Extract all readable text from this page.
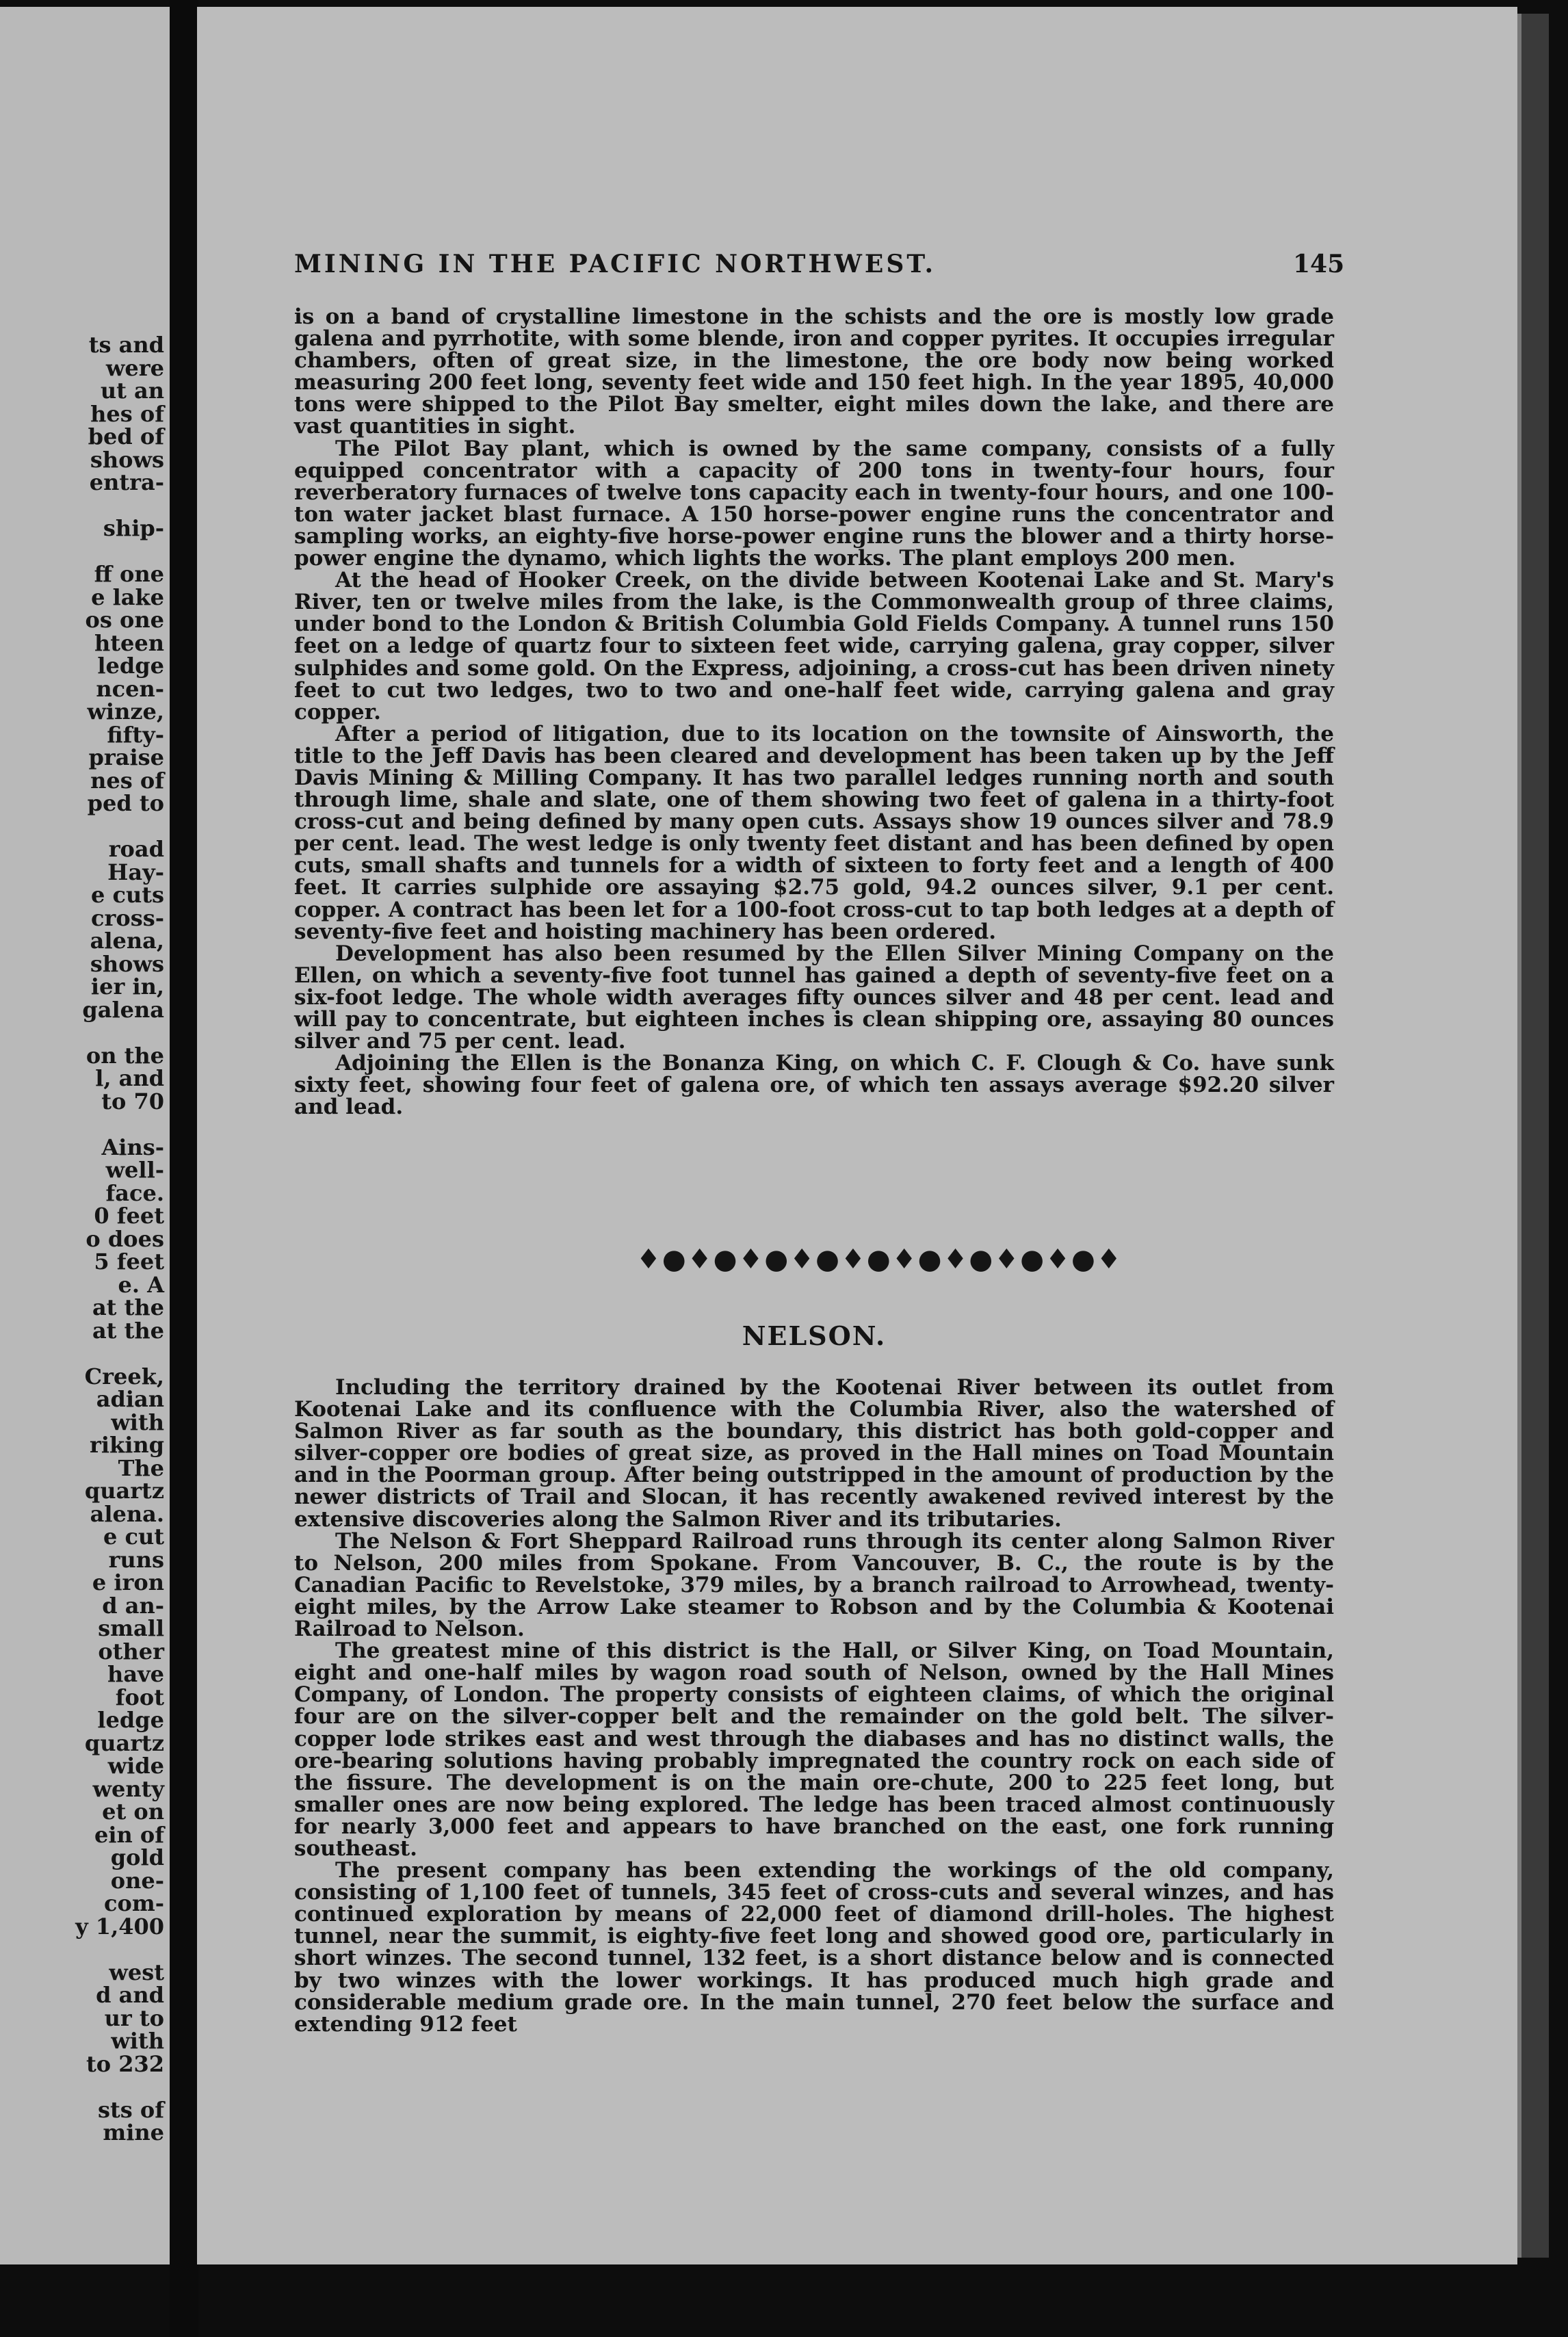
ts and
were
ut an
hes of
bed of
shows
entra-

ship-

ff one
e lake
os one
hteen
ledge
ncen-
winze,
fifty-
praise
nes of
ped to

road
Hay-
e cuts
cross-
alena,
shows
ier in,
galena

on the
l, and
to 70

Ains-
well-
face.
0 feet
o does
5 feet
e. A
at the
at the

Creek,
adian
with
riking
The
quartz
alena.
e cut
runs
e iron
d an-
small
other
have
foot
ledge
quartz
wide
wenty
et on
ein of
gold
one-
com-
y 1,400

west
d and
ur to
with
to 232

sts of
mine
MINING IN THE PACIFIC NORTHWEST.	145

is on a band of crystalline limestone in the schists and the ore is mostly low grade galena and pyrrhotite, with some blende, iron and copper pyrites. It occupies irregular chambers, often of great size, in the limestone, the ore body now being worked measuring 200 feet long, seventy feet wide and 150 feet high. In the year 1895, 40,000 tons were shipped to the Pilot Bay smelter, eight miles down the lake, and there are vast quantities in sight.

The Pilot Bay plant, which is owned by the same company, consists of a fully equipped concentrator with a capacity of 200 tons in twenty-four hours, four reverberatory furnaces of twelve tons capacity each in twenty-four hours, and one 100-ton water jacket blast furnace. A 150 horse-power engine runs the concentrator and sampling works, an eighty-five horse-power engine runs the blower and a thirty horse-power engine the dynamo, which lights the works. The plant employs 200 men.

At the head of Hooker Creek, on the divide between Kootenai Lake and St. Mary's River, ten or twelve miles from the lake, is the Commonwealth group of three claims, under bond to the London & British Columbia Gold Fields Company. A tunnel runs 150 feet on a ledge of quartz four to sixteen feet wide, carrying galena, gray copper, silver sulphides and some gold. On the Express, adjoining, a cross-cut has been driven ninety feet to cut two ledges, two to two and one-half feet wide, carrying galena and gray copper.

After a period of litigation, due to its location on the townsite of Ainsworth, the title to the Jeff Davis has been cleared and development has been taken up by the Jeff Davis Mining & Milling Company. It has two parallel ledges running north and south through lime, shale and slate, one of them showing two feet of galena in a thirty-foot cross-cut and being defined by many open cuts. Assays show 19 ounces silver and 78.9 per cent. lead. The west ledge is only twenty feet distant and has been defined by open cuts, small shafts and tunnels for a width of sixteen to forty feet and a length of 400 feet. It carries sulphide ore assaying $2.75 gold, 94.2 ounces silver, 9.1 per cent. copper. A contract has been let for a 100-foot cross-cut to tap both ledges at a depth of seventy-five feet and hoisting machinery has been ordered.

Development has also been resumed by the Ellen Silver Mining Company on the Ellen, on which a seventy-five foot tunnel has gained a depth of seventy-five feet on a six-foot ledge. The whole width averages fifty ounces silver and 48 per cent. lead and will pay to concentrate, but eighteen inches is clean shipping ore, assaying 80 ounces silver and 75 per cent. lead.

Adjoining the Ellen is the Bonanza King, on which C. F. Clough & Co. have sunk sixty feet, showing four feet of galena ore, of which ten assays average $92.20 silver and lead.

♦●♦●♦●♦●♦●♦●♦●♦●♦●♦
NELSON.

Including the territory drained by the Kootenai River between its outlet from Kootenai Lake and its confluence with the Columbia River, also the watershed of Salmon River as far south as the boundary, this district has both gold-copper and silver-copper ore bodies of great size, as proved in the Hall mines on Toad Mountain and in the Poorman group. After being outstripped in the amount of production by the newer districts of Trail and Slocan, it has recently awakened revived interest by the extensive discoveries along the Salmon River and its tributaries.

The Nelson & Fort Sheppard Railroad runs through its center along Salmon River to Nelson, 200 miles from Spokane. From Vancouver, B. C., the route is by the Canadian Pacific to Revelstoke, 379 miles, by a branch railroad to Arrowhead, twenty-eight miles, by the Arrow Lake steamer to Robson and by the Columbia & Kootenai Railroad to Nelson.

The greatest mine of this district is the Hall, or Silver King, on Toad Mountain, eight and one-half miles by wagon road south of Nelson, owned by the Hall Mines Company, of London. The property consists of eighteen claims, of which the original four are on the silver-copper belt and the remainder on the gold belt. The silver-copper lode strikes east and west through the diabases and has no distinct walls, the ore-bearing solutions having probably impregnated the country rock on each side of the fissure. The development is on the main ore-chute, 200 to 225 feet long, but smaller ones are now being explored. The ledge has been traced almost continuously for nearly 3,000 feet and appears to have branched on the east, one fork running southeast.

The present company has been extending the workings of the old company, consisting of 1,100 feet of tunnels, 345 feet of cross-cuts and several winzes, and has continued exploration by means of 22,000 feet of diamond drill-holes. The highest tunnel, near the summit, is eighty-five feet long and showed good ore, particularly in short winzes. The second tunnel, 132 feet, is a short distance below and is connected by two winzes with the lower workings. It has produced much high grade and considerable medium grade ore. In the main tunnel, 270 feet below the surface and extending 912 feet
